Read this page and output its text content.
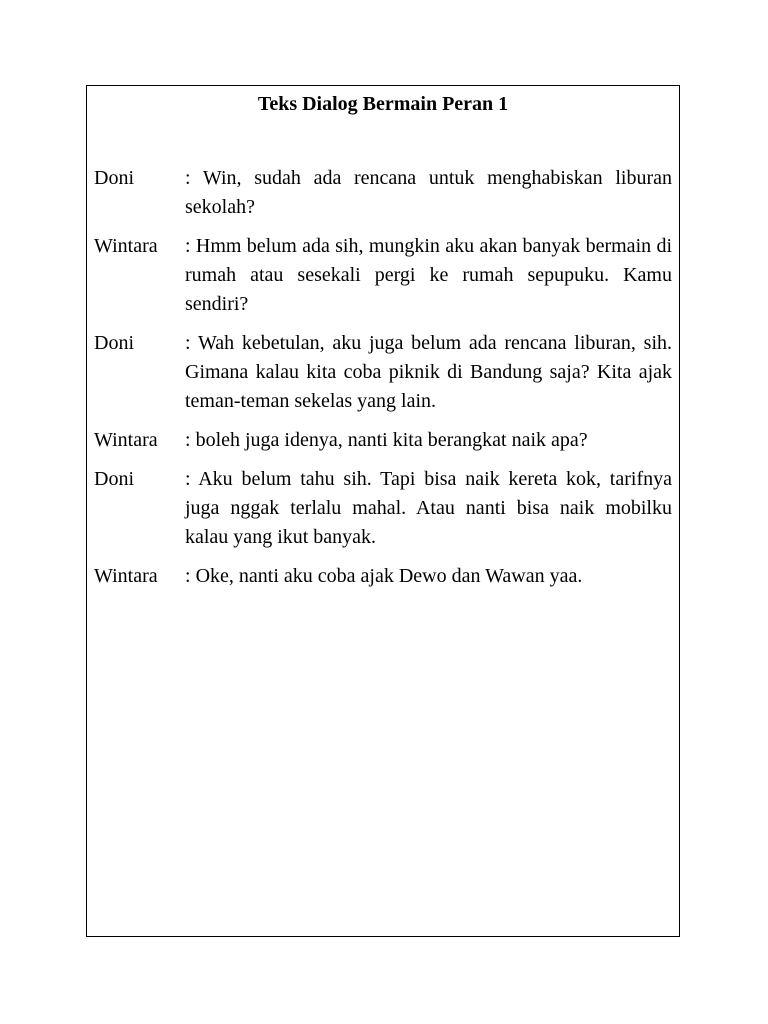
Teks Dialog Bermain Peran 1
Doni	: Win, sudah ada rencana untuk menghabiskan liburan sekolah?
Wintara	: Hmm belum ada sih, mungkin aku akan banyak bermain di rumah atau sesekali pergi ke rumah sepupuku. Kamu sendiri?
Doni	: Wah kebetulan, aku juga belum ada rencana liburan, sih. Gimana kalau kita coba piknik di Bandung saja? Kita ajak teman-teman sekelas yang lain.
Wintara	: boleh juga idenya, nanti kita berangkat naik apa?
Doni	: Aku belum tahu sih. Tapi bisa naik kereta kok, tarifnya juga nggak terlalu mahal. Atau nanti bisa naik mobilku kalau yang ikut banyak.
Wintara	: Oke, nanti aku coba ajak Dewo dan Wawan yaa.
